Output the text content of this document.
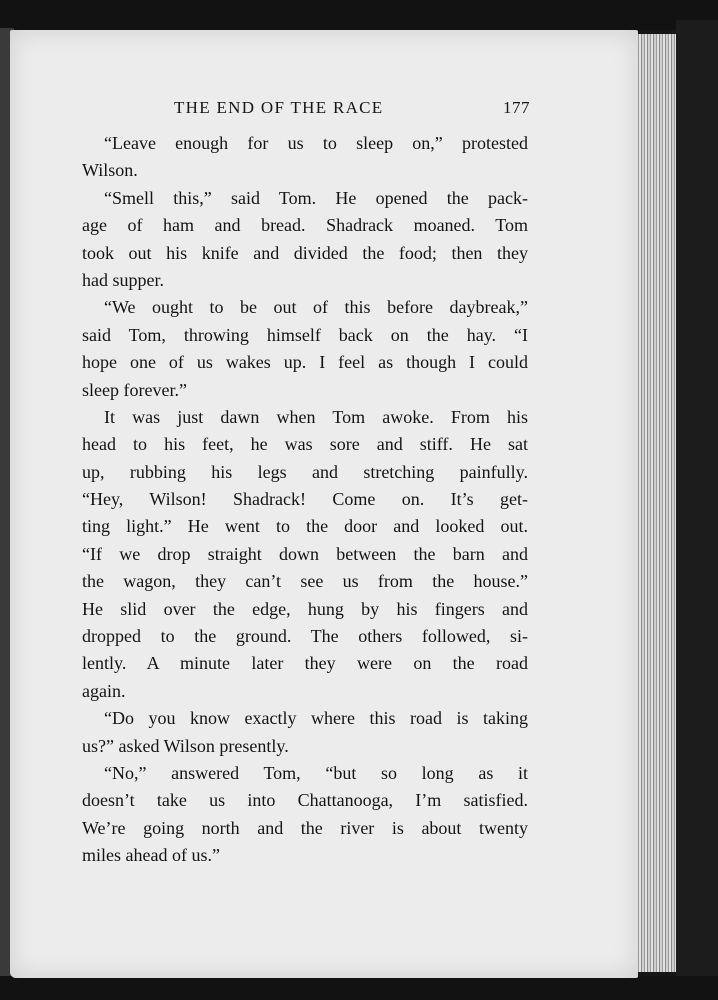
THE END OF THE RACE	177
“Leave enough for us to sleep on,” protested
Wilson.
“Smell this,” said Tom. He opened the pack-
age of ham and bread. Shadrack moaned. Tom
took out his knife and divided the food; then they
had supper.
“We ought to be out of this before daybreak,”
said Tom, throwing himself back on the hay. “I
hope one of us wakes up. I feel as though I could
sleep forever.”
It was just dawn when Tom awoke. From his
head to his feet, he was sore and stiff. He sat
up, rubbing his legs and stretching painfully.
“Hey, Wilson! Shadrack! Come on. It’s get-
ting light.” He went to the door and looked out.
“If we drop straight down between the barn and
the wagon, they can’t see us from the house.”
He slid over the edge, hung by his fingers and
dropped to the ground. The others followed, si-
lently. A minute later they were on the road
again.
“Do you know exactly where this road is taking
us?” asked Wilson presently.
“No,” answered Tom, “but so long as it
doesn’t take us into Chattanooga, I’m satisfied.
We’re going north and the river is about twenty
miles ahead of us.”
